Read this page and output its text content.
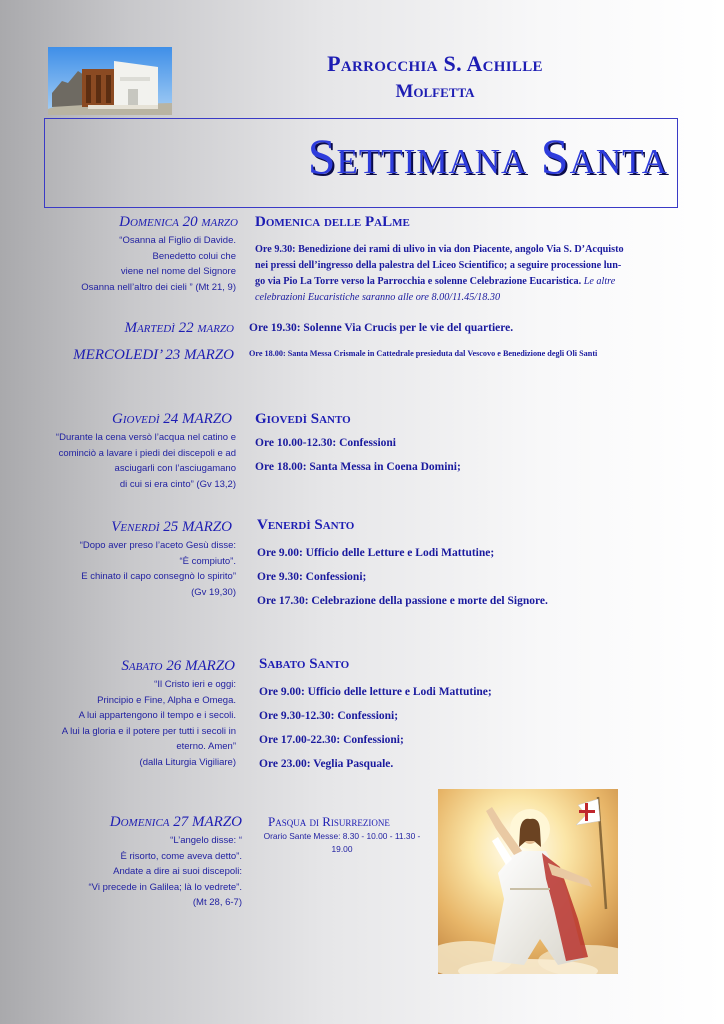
Parrocchia S. Achille
Molfetta
Settimana Santa
Domenica 20 marzo
“Osanna al Figlio di Davide.
Benedetto colui che
viene nel nome del Signore
Osanna nell’altro dei cieli ” (Mt 21, 9)
Domenica delle PaLme
Ore 9.30: Benedizione dei rami di ulivo in via don Piacente, angolo Via S. D’Acquisto
nei pressi dell’ingresso della palestra del Liceo Scientifico; a seguire processione lun-
go via Pio La Torre verso la Parrocchia e solenne Celebrazione Eucaristica. Le altre
celebrazioni Eucaristiche saranno alle ore 8.00/11.45/18.30
Martedì 22 marzo Ore 19.30: Solenne Via Crucis per le vie del quartiere.
MERCOLEDI’ 23 MARZO Ore 18.00: Santa Messa Crismale in Cattedrale presieduta dal Vescovo e Benedizione degli Oli Santi
Giovedì 24 MARZO
“Durante la cena versò l’acqua nel catino e
cominciò a lavare i piedi dei discepoli e ad
asciugarli con l’asciugamano
di cui si era cinto” (Gv 13,2)
Giovedì Santo
Ore 10.00-12.30: Confessioni
Ore 18.00: Santa Messa in Coena Domini;
Venerdì 25 MARZO
“Dopo aver preso l’aceto Gesù disse:
“È compiuto”.
E chinato il capo consegnò lo spirito”
(Gv 19,30)
Venerdì Santo
Ore 9.00: Ufficio delle Letture e Lodi Mattutine;
Ore 9.30: Confessioni;
Ore 17.30: Celebrazione della passione e morte del Signore.
Sabato 26 MARZO
“Il Cristo ieri e oggi:
Principio e Fine, Alpha e Omega.
A lui appartengono il tempo e i secoli.
A lui la gloria e il potere per tutti i secoli in
eterno. Amen”
(dalla Liturgia Vigiliare)
Sabato Santo
Ore 9.00: Ufficio delle letture e Lodi Mattutine;
Ore 9.30-12.30: Confessioni;
Ore 17.00-22.30: Confessioni;
Ore 23.00: Veglia Pasquale.
Domenica 27 MARZO
“L’angelo disse: “
È risorto, come aveva detto”.
Andate a dire ai suoi discepoli:
“Vi precede in Galilea; là lo vedrete”.
(Mt 28, 6-7)
Pasqua di Risurrezione
Orario Sante Messe: 8.30 - 10.00 - 11.30 -
19.00
